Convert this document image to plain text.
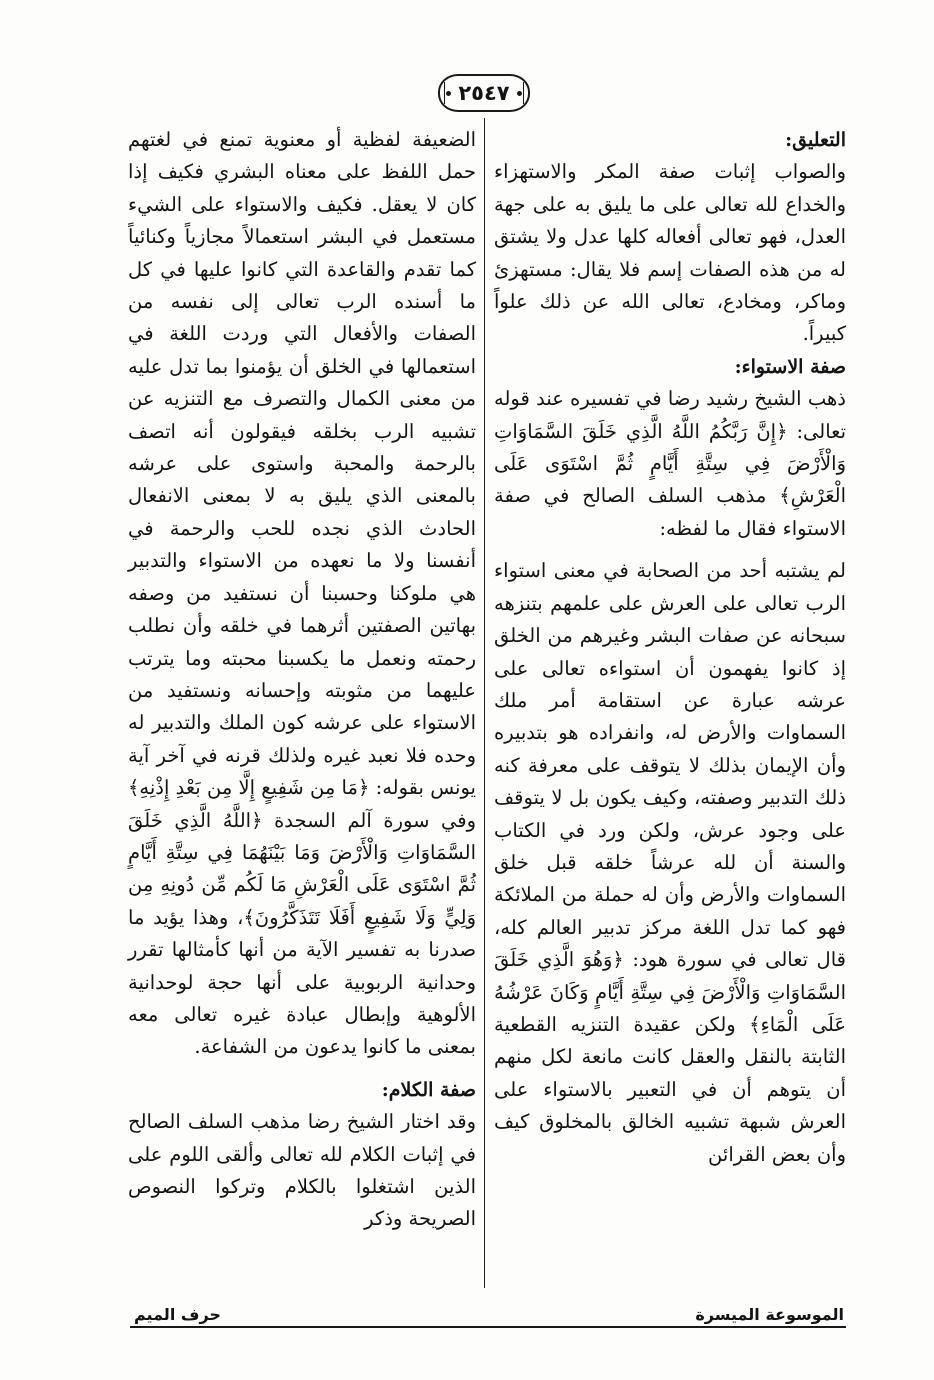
٢٥٤٧

التعليق:

والصواب إثبات صفة المكر والاستهزاء والخداع لله تعالى على ما يليق به على جهة العدل، فهو تعالى أفعاله كلها عدل ولا يشتق له من هذه الصفات إسم فلا يقال: مستهزئ وماكر، ومخادع، تعالى الله عن ذلك علواً كبيراً.

صفة الاستواء:

ذهب الشيخ رشيد رضا في تفسيره عند قوله تعالى: ﴿إِنَّ رَبَّكُمُ اللَّهُ الَّذِي خَلَقَ السَّمَاوَاتِ وَالْأَرْضَ فِي سِتَّةِ أَيَّامٍ ثُمَّ اسْتَوَى عَلَى الْعَرْشِ﴾ مذهب السلف الصالح في صفة الاستواء فقال ما لفظه:

لم يشتبه أحد من الصحابة في معنى استواء الرب تعالى على العرش على علمهم بتنزهه سبحانه عن صفات البشر وغيرهم من الخلق إذ كانوا يفهمون أن استواءه تعالى على عرشه عبارة عن استقامة أمر ملك السماوات والأرض له، وانفراده هو بتدبيره وأن الإيمان بذلك لا يتوقف على معرفة كنه ذلك التدبير وصفته، وكيف يكون بل لا يتوقف على وجود عرش، ولكن ورد في الكتاب والسنة أن لله عرشاً خلقه قبل خلق السماوات والأرض وأن له حملة من الملائكة فهو كما تدل اللغة مركز تدبير العالم كله، قال تعالى في سورة هود: ﴿وَهُوَ الَّذِي خَلَقَ السَّمَاوَاتِ وَالْأَرْضَ فِي سِتَّةِ أَيَّامٍ وَكَانَ عَرْشُهُ عَلَى الْمَاءِ﴾ ولكن عقيدة التنزيه القطعية الثابتة بالنقل والعقل كانت مانعة لكل منهم أن يتوهم أن في التعبير بالاستواء على العرش شبهة تشبيه الخالق بالمخلوق كيف وأن بعض القرائن

الضعيفة لفظية أو معنوية تمنع في لغتهم حمل اللفظ على معناه البشري فكيف إذا كان لا يعقل. فكيف والاستواء على الشيء مستعمل في البشر استعمالاً مجازياً وكنائياً كما تقدم والقاعدة التي كانوا عليها في كل ما أسنده الرب تعالى إلى نفسه من الصفات والأفعال التي وردت اللغة في استعمالها في الخلق أن يؤمنوا بما تدل عليه من معنى الكمال والتصرف مع التنزيه عن تشبيه الرب بخلقه فيقولون أنه اتصف بالرحمة والمحبة واستوى على عرشه بالمعنى الذي يليق به لا بمعنى الانفعال الحادث الذي نجده للحب والرحمة في أنفسنا ولا ما نعهده من الاستواء والتدبير هي ملوكنا وحسبنا أن نستفيد من وصفه بهاتين الصفتين أثرهما في خلقه وأن نطلب رحمته ونعمل ما يكسبنا محبته وما يترتب عليهما من مثوبته وإحسانه ونستفيد من الاستواء على عرشه كون الملك والتدبير له وحده فلا نعبد غيره ولذلك قرنه في آخر آية يونس بقوله: ﴿مَا مِن شَفِيعٍ إِلَّا مِن بَعْدِ إِذْنِهِ﴾ وفي سورة آلم السجدة ﴿اللَّهُ الَّذِي خَلَقَ السَّمَاوَاتِ وَالْأَرْضَ وَمَا بَيْنَهُمَا فِي سِتَّةِ أَيَّامٍ ثُمَّ اسْتَوَى عَلَى الْعَرْشِ مَا لَكُم مِّن دُونِهِ مِن وَلِيٍّ وَلَا شَفِيعٍ أَفَلَا تَتَذَكَّرُونَ﴾، وهذا يؤيد ما صدرنا به تفسير الآية من أنها كأمثالها تقرر وحدانية الربوبية على أنها حجة لوحدانية الألوهية وإبطال عبادة غيره تعالى معه بمعنى ما كانوا يدعون من الشفاعة.

صفة الكلام:

وقد اختار الشيخ رضا مذهب السلف الصالح في إثبات الكلام لله تعالى وألقى اللوم على الذين اشتغلوا بالكلام وتركوا النصوص الصريحة وذكر

الموسوعة الميسرة
حرف الميم
